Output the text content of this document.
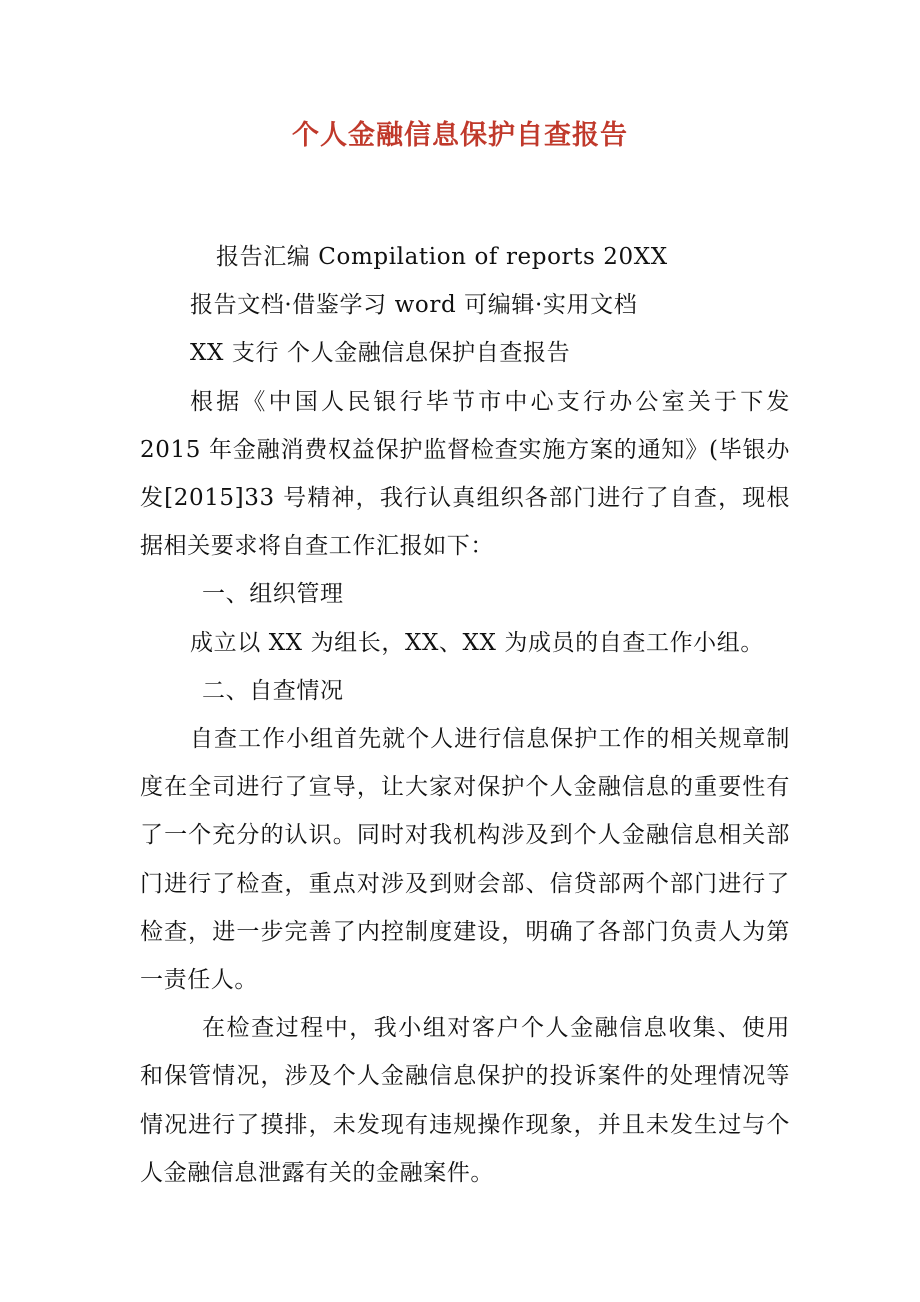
个人金融信息保护自查报告

报告汇编 Compilation of reports 20XX

报告文档·借鉴学习 word 可编辑·实用文档

XX 支行 个人金融信息保护自查报告

根据《中国人民银行毕节市中心支行办公室关于下发 2015 年金融消费权益保护监督检查实施方案的通知》(毕银办发[2015]33 号精神，我行认真组织各部门进行了自查，现根据相关要求将自查工作汇报如下：

一、组织管理

成立以 XX 为组长，XX、XX 为成员的自查工作小组。

二、自查情况

自查工作小组首先就个人进行信息保护工作的相关规章制度在全司进行了宣导，让大家对保护个人金融信息的重要性有了一个充分的认识。同时对我机构涉及到个人金融信息相关部门进行了检查，重点对涉及到财会部、信贷部两个部门进行了检查，进一步完善了内控制度建设，明确了各部门负责人为第一责任人。

在检查过程中，我小组对客户个人金融信息收集、使用和保管情况，涉及个人金融信息保护的投诉案件的处理情况等情况进行了摸排，未发现有违规操作现象，并且未发生过与个人金融信息泄露有关的金融案件。
